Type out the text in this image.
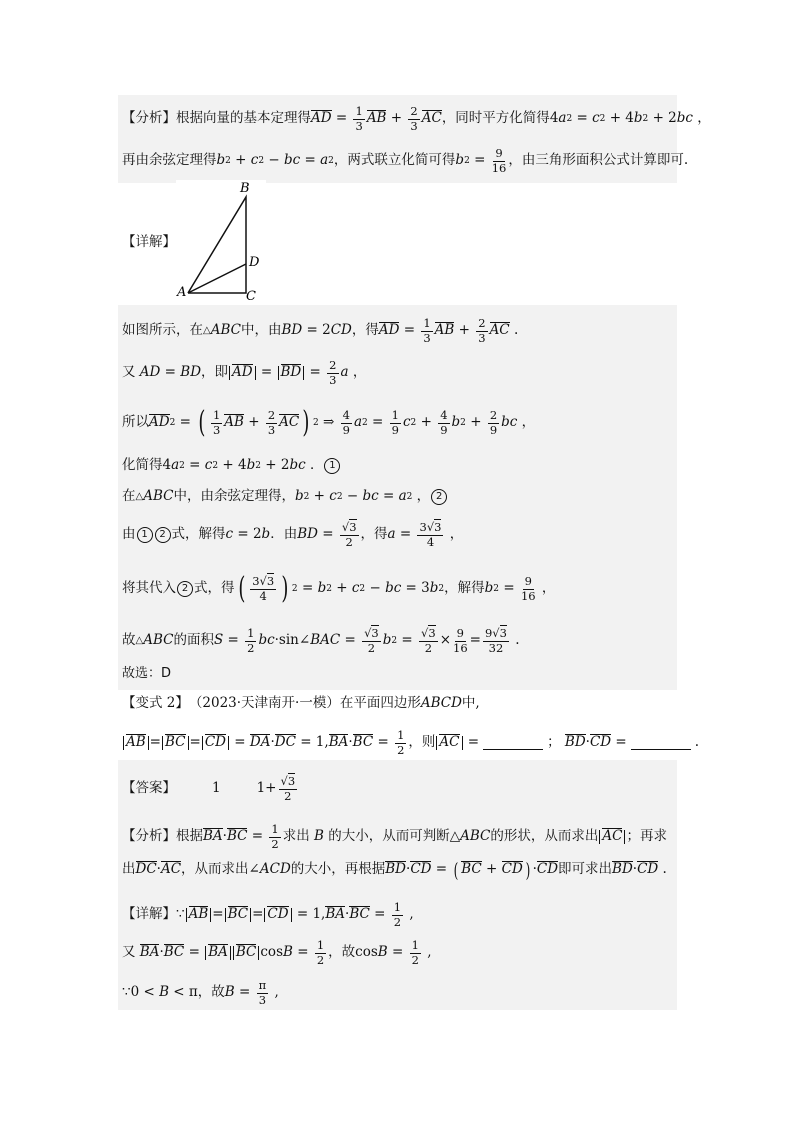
【分析】 根据向量的基本定理得 AD = $\frac{1}{3}$ AB + $\frac{2}{3}$ AC ，同时平方化简得 4 a 2 = c 2 + 4 b 2 + 2 bc ，
再由余弦定理得 b 2 + c 2 − bc = a 2 ，两式联立化简可得 b $2 = \frac{9}{16}$ ，由三角形面积公式计算即可.
B
D
A	C
【详解】
如图所示，在 △ ABC 中，由 BD = 2 CD ，得 AD = $\frac{1}{3}$ AB + $\frac{2}{3}$ AC .
又
AD = BD ，即 AD = BD = $\frac{2}{3}$ a ，
所以 AD 2 = ( $\frac{1}{3}$ AB + $\frac{2}{3}$ AC ) 2 ⇒ $\frac{4}{9}$ a $2 = \frac{1}{9}$ c $2 + \frac{4}{9}$ b $2 + \frac{2}{9}$ bc ，
化简得 4 a 2 = c 2 + 4 b 2 + 2 bc ． 1
在 △ ABC 中，由余弦定理得， b 2 + c 2 − bc = a 2 ， 2
由 1	2 式，解得 c = 2 b ．由 BD = $\frac{√3}{2}$ ，得 $a = \frac{3√3}{4}$ ，
将其代入 2 式，得 ( $\frac{3√3}{4}$ ) 2 = b 2 + c 2 − bc = 3 b 2 ，解得 b $2 = \frac{9}{16}$ ，
故 △ ABC 的面积 $S = \frac{1}{2}$ bc ·sin∠ BAC = $\frac{√3}{2}$ b $2 = \frac{√3}{2} \times \frac{9}{16} = \frac{9√3}{32}$ .
故选：D
【变式 2】 （2023·天津南开·一模） 在平面四边形 ABCD 中,
AB = BC = CD = DA · DC = 1, BA · BC = $\frac{1}{2}$ ，则 AC =	； BD · CD =	.
【答案】	1	$1+ \frac{√3}{2}$
【分析】 根据 BA · BC = $\frac{1}{2}$ 求出
B
的大小，从而可判断 △ ABC 的形状，从而求出 AC ；再求
出 DC · AC ，从而求出 ∠ ACD 的大小，再根据 BD · CD = ( BC + CD ) · CD 即可求出 BD · CD .
【详解】 ∵ AB = BC = CD = 1, BA · BC = $\frac{1}{2}$ ,
又
BA · BC = BA BC $\cos B = \frac{1}{2}$ ，故 $\cos B = \frac{1}{2}$ ,
∵ 0 < B < π ，故 $B = \frac{\pi}{3}$ ,
